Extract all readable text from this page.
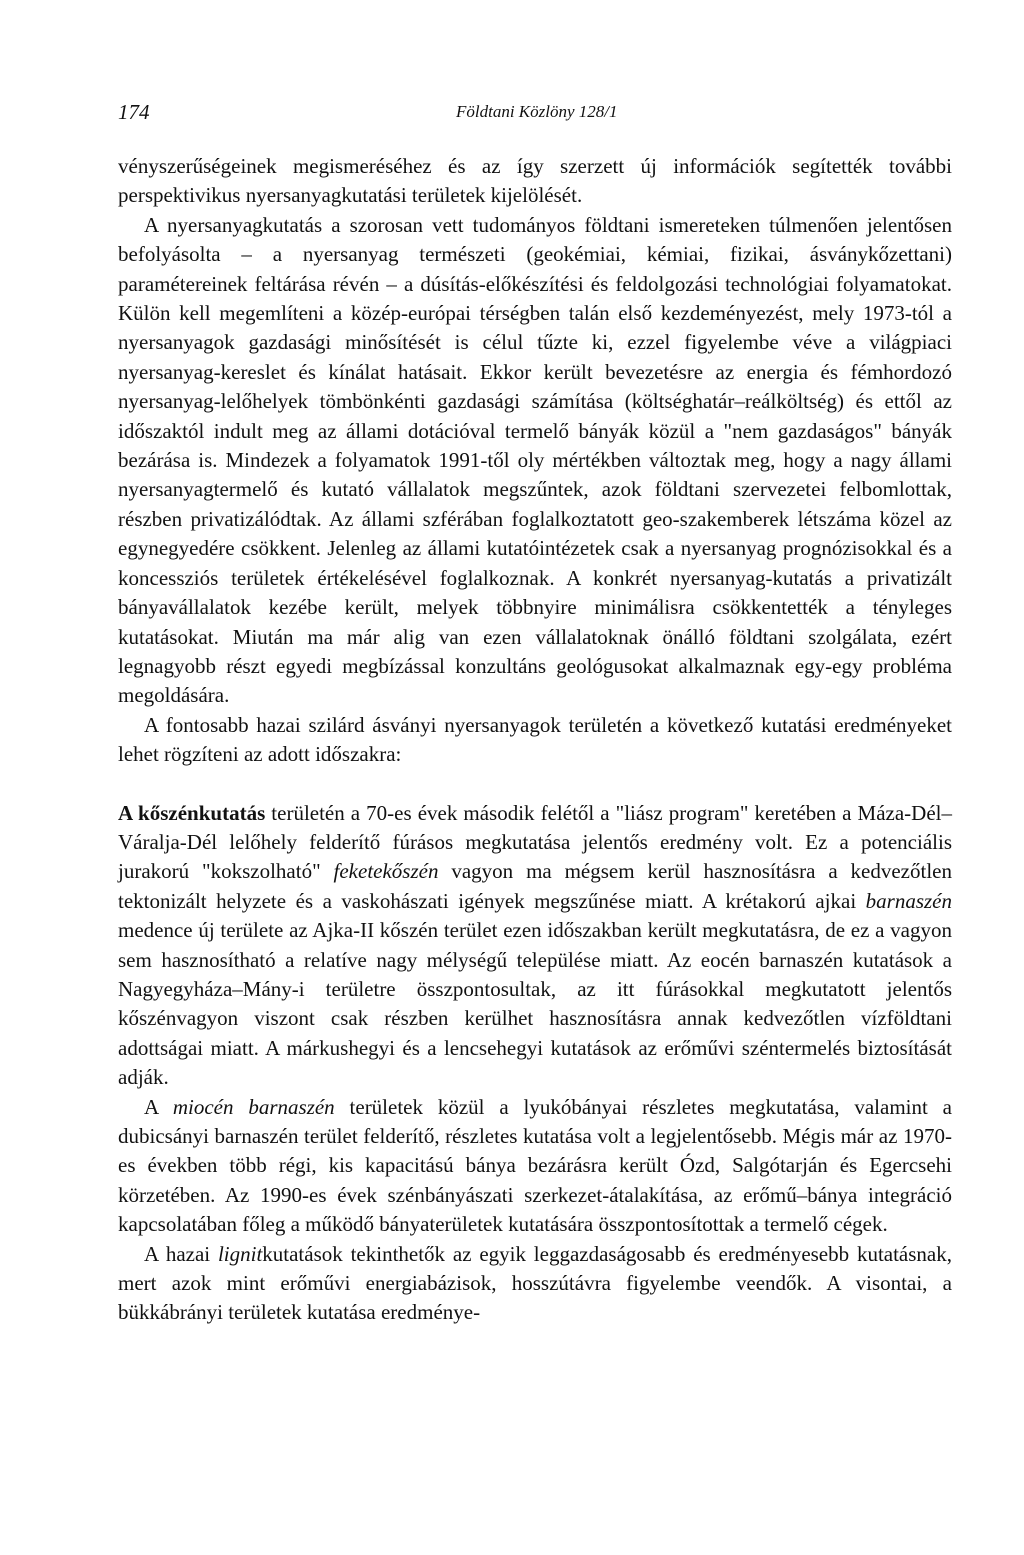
174	Földtani Közlöny 128/1

vényszerűségeinek megismeréséhez és az így szerzett új információk segítették további perspektivikus nyersanyagkutatási területek kijelölését.

A nyersanyagkutatás a szorosan vett tudományos földtani ismereteken túlmenően jelentősen befolyásolta – a nyersanyag természeti (geokémiai, kémiai, fizikai, ásványkőzettani) paramétereinek feltárása révén – a dúsítás-előkészítési és feldolgozási technológiai folyamatokat. Külön kell megemlíteni a közép-európai térségben talán első kezdeményezést, mely 1973-tól a nyersanyagok gazdasági minősítését is célul tűzte ki, ezzel figyelembe véve a világpiaci nyersanyag-kereslet és kínálat hatásait. Ekkor került bevezetésre az energia és fémhordozó nyersanyag-lelőhelyek tömbönkénti gazdasági számítása (költséghatár–reálköltség) és ettől az időszaktól indult meg az állami dotációval termelő bányák közül a "nem gazdaságos" bányák bezárása is. Mindezek a folyamatok 1991-től oly mértékben változtak meg, hogy a nagy állami nyersanyagtermelő és kutató vállalatok megszűntek, azok földtani szervezetei felbomlottak, részben privatizálódtak. Az állami szférában foglalkoztatott geo-szakemberek létszáma közel az egynegyedére csökkent. Jelenleg az állami kutatóintézetek csak a nyersanyag prognózisokkal és a koncessziós területek értékelésével foglalkoznak. A konkrét nyersanyag-kutatás a privatizált bányavállalatok kezébe került, melyek többnyire minimálisra csökkentették a tényleges kutatásokat. Miután ma már alig van ezen vállalatoknak önálló földtani szolgálata, ezért legnagyobb részt egyedi megbízással konzultáns geológusokat alkalmaznak egy-egy probléma megoldására.

A fontosabb hazai szilárd ásványi nyersanyagok területén a következő kutatási eredményeket lehet rögzíteni az adott időszakra:

A kőszénkutatás területén a 70-es évek második felétől a "liász program" keretében a Máza-Dél–Váralja-Dél lelőhely felderítő fúrásos megkutatása jelentős eredmény volt. Ez a potenciális jurakorú "kokszolható" feketekőszén vagyon ma mégsem kerül hasznosításra a kedvezőtlen tektonizált helyzete és a vaskohászati igények megszűnése miatt. A krétakorú ajkai barnaszén medence új területe az Ajka-II kőszén terület ezen időszakban került megkutatásra, de ez a vagyon sem hasznosítható a relatíve nagy mélységű települése miatt. Az eocén barnaszén kutatások a Nagyegyháza–Mány-i területre összpontosultak, az itt fúrásokkal megkutatott jelentős kőszénvagyon viszont csak részben kerülhet hasznosításra annak kedvezőtlen vízföldtani adottságai miatt. A márkushegyi és a lencsehegyi kutatások az erőművi széntermelés biztosítását adják.

A miocén barnaszén területek közül a lyukóbányai részletes megkutatása, valamint a dubicsányi barnaszén terület felderítő, részletes kutatása volt a legjelentősebb. Mégis már az 1970-es években több régi, kis kapacitású bánya bezárásra került Ózd, Salgótarján és Egercsehi körzetében. Az 1990-es évek szénbányászati szerkezet-átalakítása, az erőmű–bánya integráció kapcsolatában főleg a működő bányaterületek kutatására összpontosítottak a termelő cégek.

A hazai lignitkutatások tekinthetők az egyik leggazdaságosabb és eredményesebb kutatásnak, mert azok mint erőművi energiabázisok, hosszútávra figyelembe veendők. A visontai, a bükkábrányi területek kutatása eredménye-
